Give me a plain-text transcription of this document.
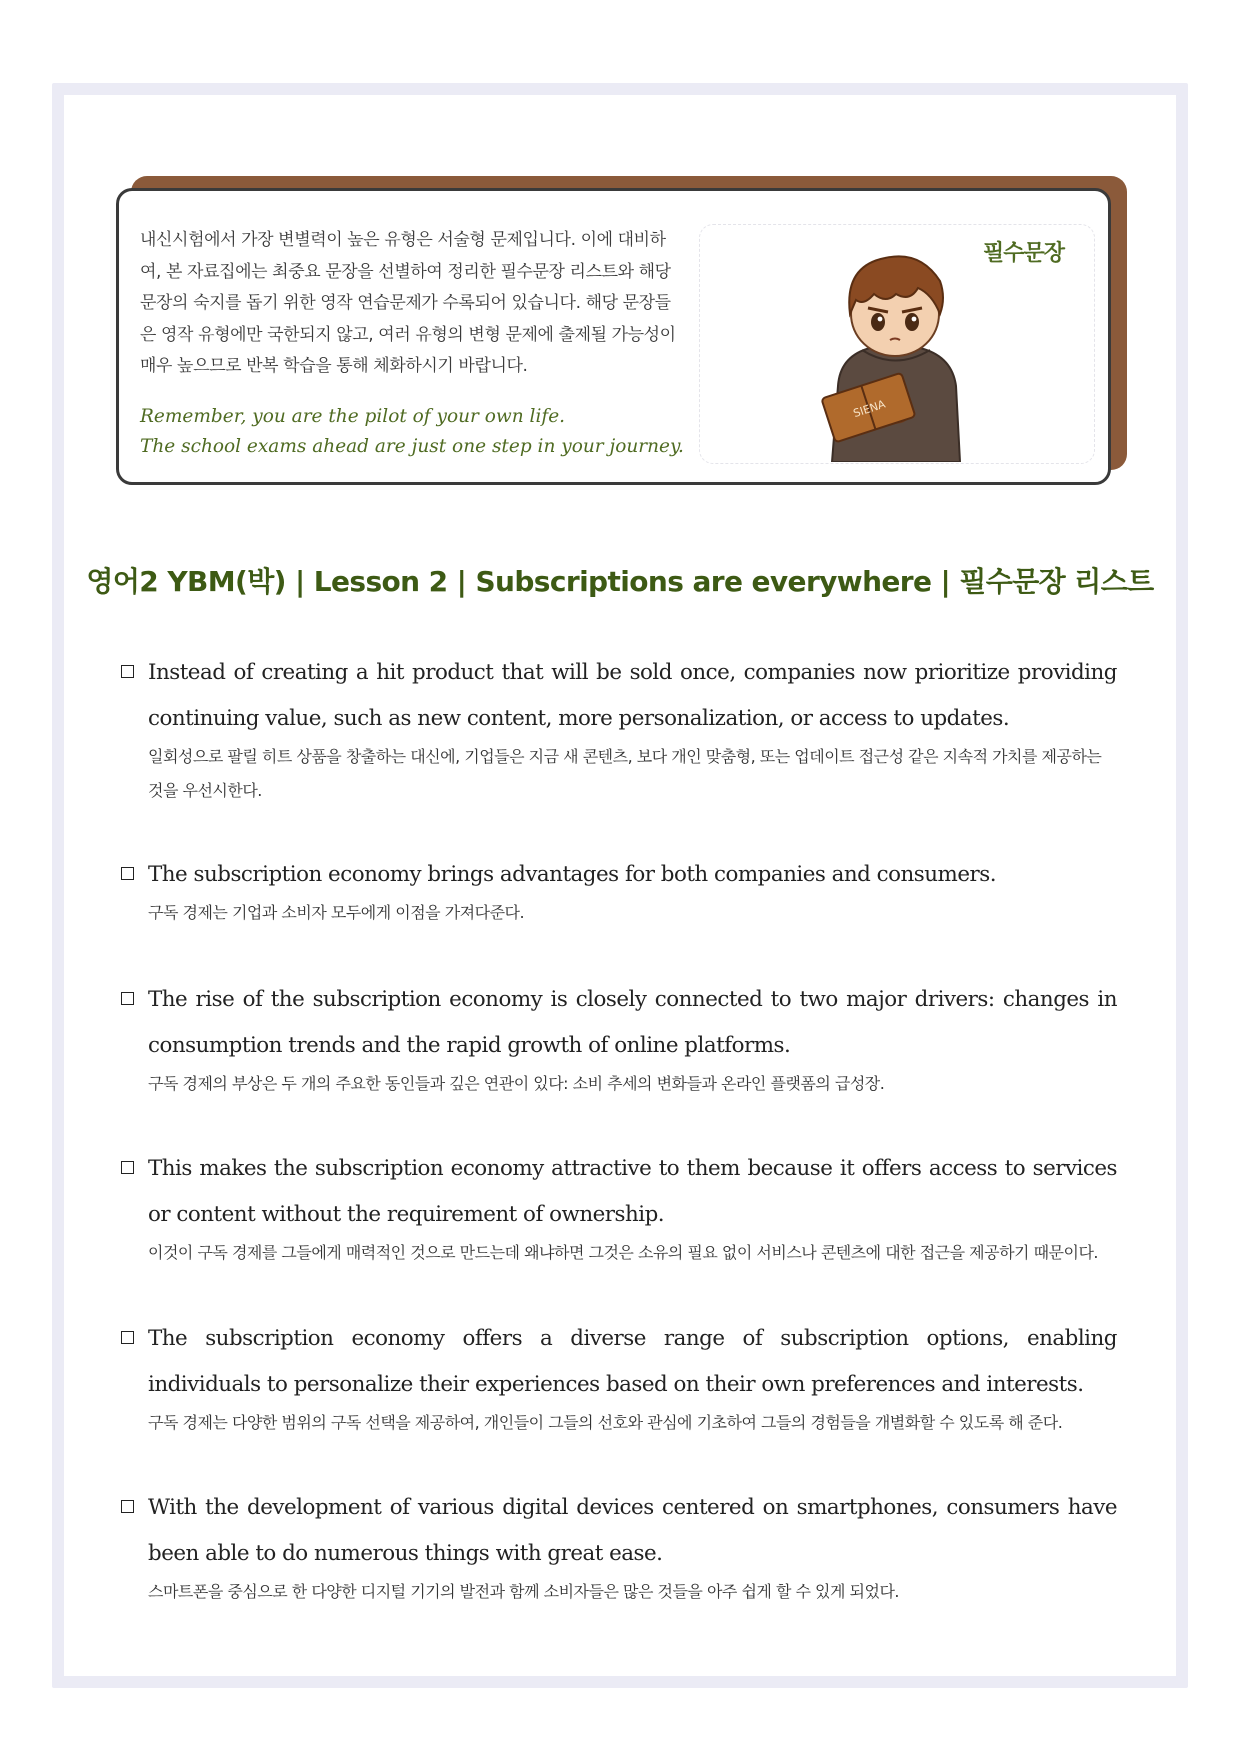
내신시험에서 가장 변별력이 높은 유형은 서술형 문제입니다. 이에 대비하여, 본 자료집에는 최중요 문장을 선별하여 정리한 필수문장 리스트와 해당 문장의 숙지를 돕기 위한 영작 연습문제가 수록되어 있습니다. 해당 문장들은 영작 유형에만 국한되지 않고, 여러 유형의 변형 문제에 출제될 가능성이 매우 높으므로 반복 학습을 통해 체화하시기 바랍니다.
Remember, you are the pilot of your own life.
The school exams ahead are just one step in your journey.
필수문장
SIENA
영어2 YBM(박) | Lesson 2 | Subscriptions are everywhere | 필수문장 리스트
Instead of creating a hit product that will be sold once, companies now prioritize providing continuing value, such as new content, more personalization, or access to updates.
일회성으로 팔릴 히트 상품을 창출하는 대신에, 기업들은 지금 새 콘텐츠, 보다 개인 맞춤형, 또는 업데이트 접근성 같은 지속적 가치를 제공하는 것을 우선시한다.
The subscription economy brings advantages for both companies and consumers.
구독 경제는 기업과 소비자 모두에게 이점을 가져다준다.
The rise of the subscription economy is closely connected to two major drivers: changes in consumption trends and the rapid growth of online platforms.
구독 경제의 부상은 두 개의 주요한 동인들과 깊은 연관이 있다: 소비 추세의 변화들과 온라인 플랫폼의 급성장.
This makes the subscription economy attractive to them because it offers access to services or content without the requirement of ownership.
이것이 구독 경제를 그들에게 매력적인 것으로 만드는데 왜냐하면 그것은 소유의 필요 없이 서비스나 콘텐츠에 대한 접근을 제공하기 때문이다.
The subscription economy offers a diverse range of subscription options, enabling individuals to personalize their experiences based on their own preferences and interests.
구독 경제는 다양한 범위의 구독 선택을 제공하여, 개인들이 그들의 선호와 관심에 기초하여 그들의 경험들을 개별화할 수 있도록 해 준다.
With the development of various digital devices centered on smartphones, consumers have been able to do numerous things with great ease.
스마트폰을 중심으로 한 다양한 디지털 기기의 발전과 함께 소비자들은 많은 것들을 아주 쉽게 할 수 있게 되었다.
